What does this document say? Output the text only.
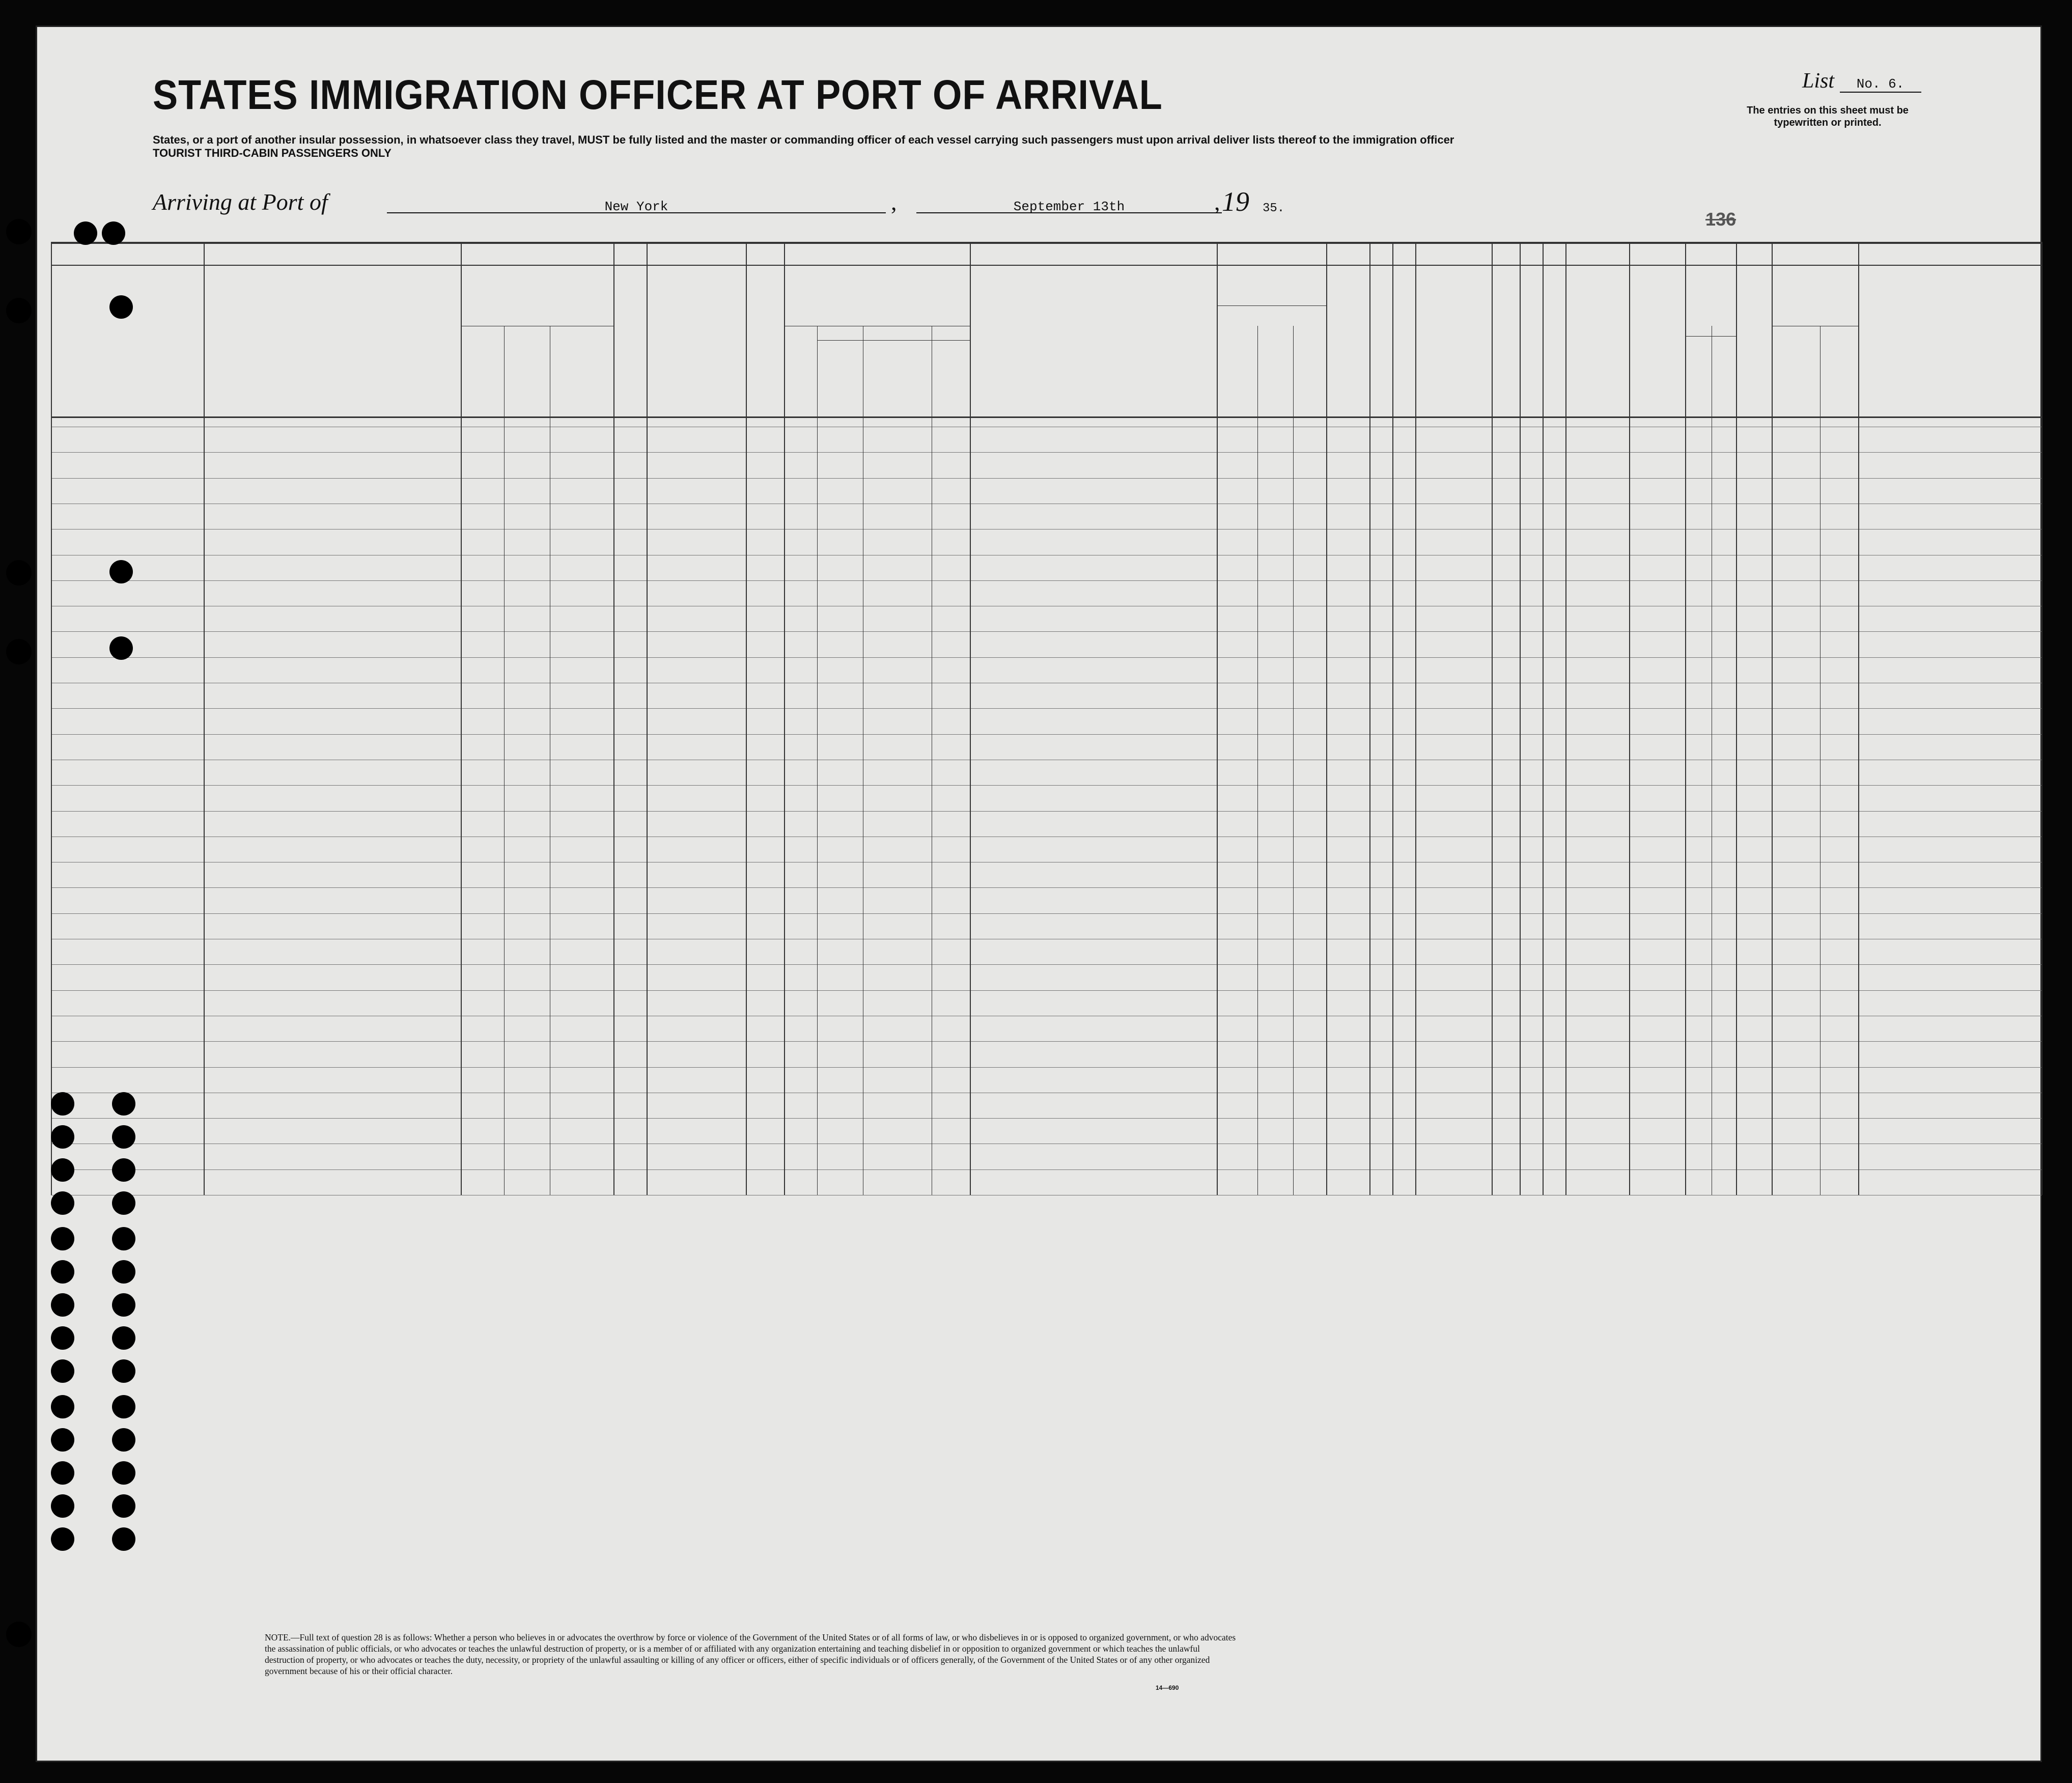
STATES IMMIGRATION OFFICER AT PORT OF ARRIVAL
States, or a port of another insular possession, in whatsoever class they travel, MUST be fully listed and the master or commanding officer of each vessel carrying such passengers must upon arrival deliver lists thereof to the immigration officer
TOURIST THIRD-CABIN PASSENGERS ONLY
List No. 6.
The entries on this sheet must be typewritten or printed.
Arriving at Port of	New York	,	September 13th	, 19 35.
136
NOTE.—Full text of question 28 is as follows: Whether a person who believes in or advocates the overthrow by force or violence of the Government of the United States or of all forms of law, or who disbelieves in or is opposed to organized government, or who advocates the assassination of public officials, or who advocates or teaches the unlawful destruction of property, or is a member of or affiliated with any organization entertaining and teaching disbelief in or opposition to organized government or which teaches the unlawful destruction of property, or who advocates or teaches the duty, necessity, or propriety of the unlawful assaulting or killing of any officer or officers, either of specific individuals or of officers generally, of the Government of the United States or of any other organized government because of his or their official character.
14—690
